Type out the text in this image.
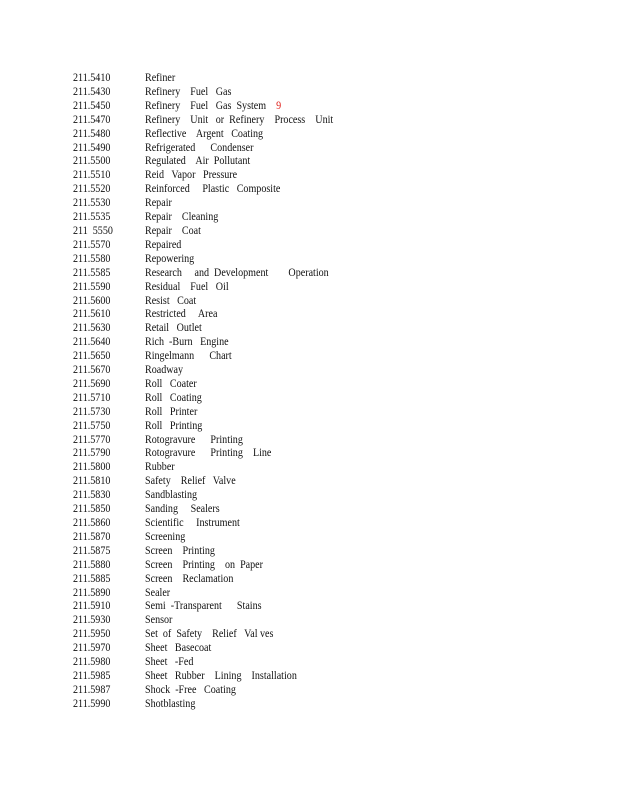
211.5410	Refiner
211.5430	Refinery    Fuel   Gas
211.5450	Refinery    Fuel   Gas  System 9
211.5470	Refinery    Unit   or  Refinery    Process    Unit
211.5480	Reflective    Argent   Coating
211.5490	Refrigerated      Condenser
211.5500	Regulated    Air  Pollutant
211.5510	Reid   Vapor   Pressure
211.5520	Reinforced     Plastic   Composite
211.5530	Repair
211.5535	Repair    Cleaning
211  5550	Repair    Coat
211.5570	Repaired
211.5580	Repowering
211.5585	Research     and  Development        Operation
211.5590	Residual    Fuel   Oil
211.5600	Resist   Coat
211.5610	Restricted     Area
211.5630	Retail   Outlet
211.5640	Rich  -Burn   Engine
211.5650	Ringelmann      Chart
211.5670	Roadway
211.5690	Roll   Coater
211.5710	Roll   Coating
211.5730	Roll   Printer
211.5750	Roll   Printing
211.5770	Rotogravure      Printing
211.5790	Rotogravure      Printing    Line
211.5800	Rubber
211.5810	Safety    Relief   Valve
211.5830	Sandblasting
211.5850	Sanding     Sealers
211.5860	Scientific     Instrument
211.5870	Screening
211.5875	Screen    Printing
211.5880	Screen    Printing    on  Paper
211.5885	Screen    Reclamation
211.5890	Sealer
211.5910	Semi  -Transparent      Stains
211.5930	Sensor
211.5950	Set  of  Safety    Relief   Val ves
211.5970	Sheet   Basecoat
211.5980	Sheet   -Fed
211.5985	Sheet   Rubber    Lining    Installation
211.5987	Shock  -Free   Coating
211.5990	Shotblasting
